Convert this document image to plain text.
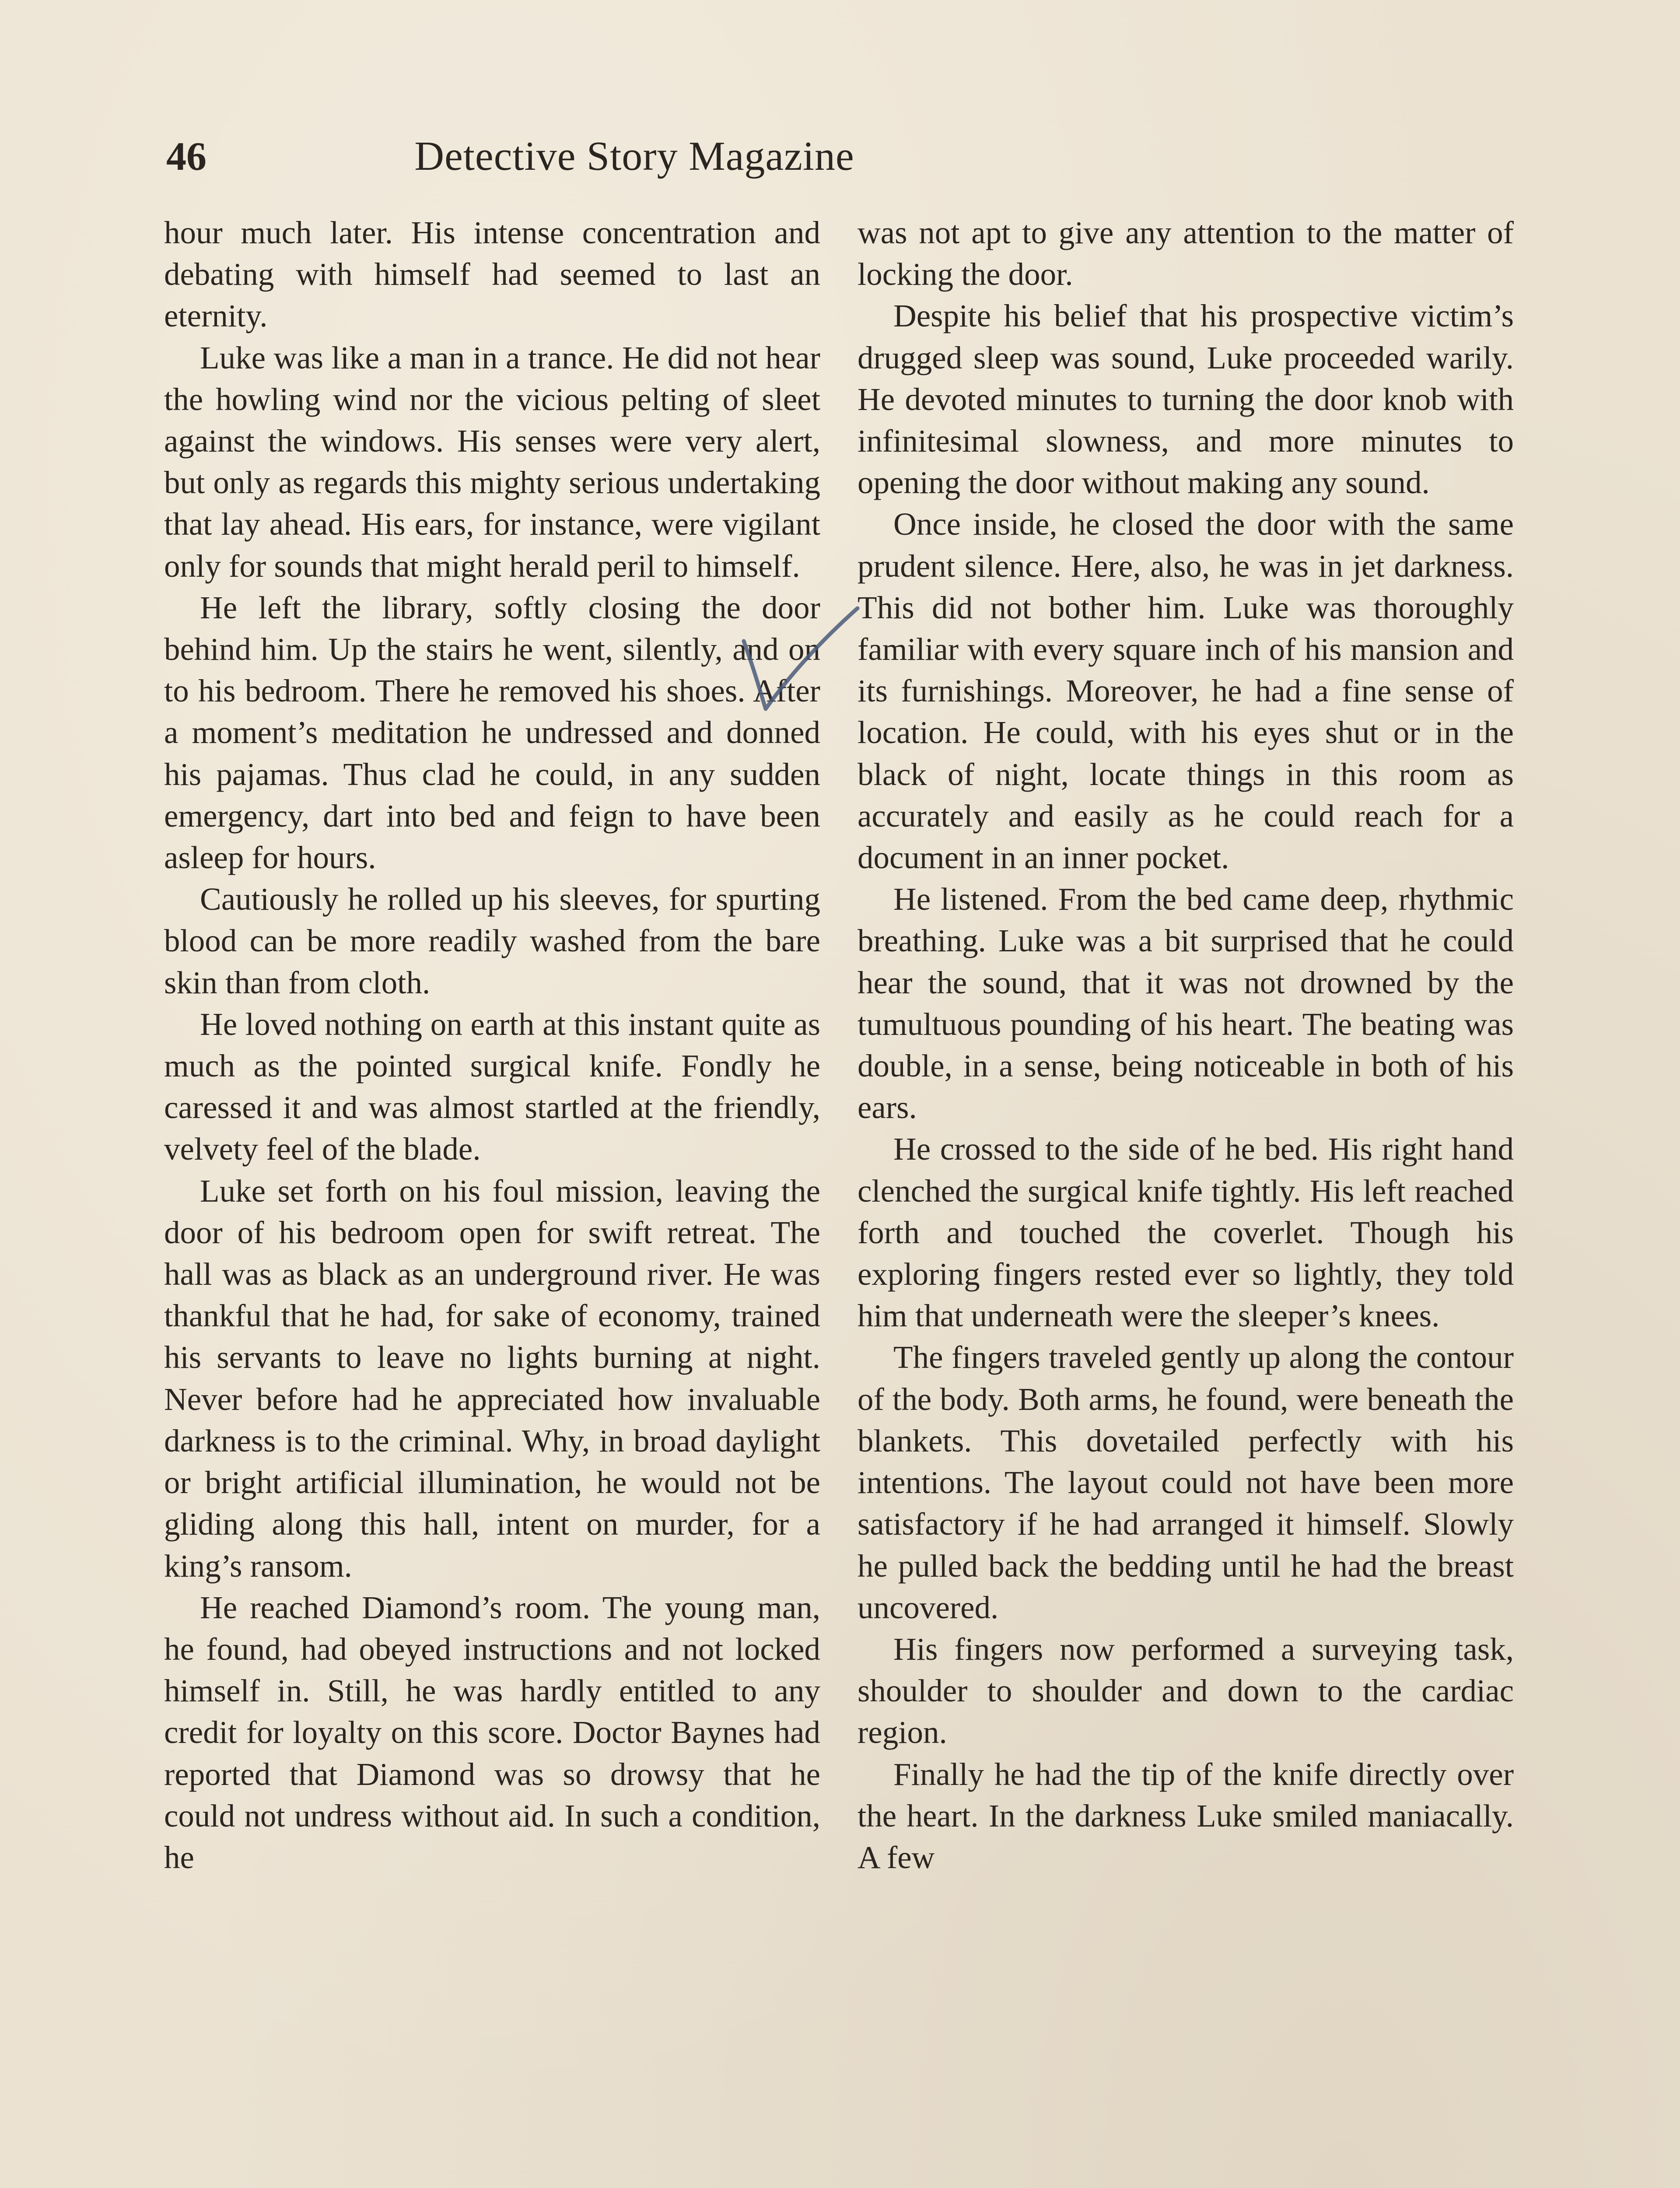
46	Detective Story Magazine

hour much later. His intense concentration and debating with himself had seemed to last an eternity.

Luke was like a man in a trance. He did not hear the howling wind nor the vicious pelting of sleet against the windows. His senses were very alert, but only as regards this mighty serious undertaking that lay ahead. His ears, for instance, were vigilant only for sounds that might herald peril to himself.

He left the library, softly closing the door behind him. Up the stairs he went, silently, and on to his bedroom. There he removed his shoes. After a moment’s meditation he undressed and donned his pajamas. Thus clad he could, in any sudden emergency, dart into bed and feign to have been asleep for hours.

Cautiously he rolled up his sleeves, for spurting blood can be more readily washed from the bare skin than from cloth.

He loved nothing on earth at this instant quite as much as the pointed surgical knife. Fondly he caressed it and was almost startled at the friendly, velvety feel of the blade.

Luke set forth on his foul mission, leaving the door of his bedroom open for swift retreat. The hall was as black as an underground river. He was thankful that he had, for sake of economy, trained his servants to leave no lights burning at night. Never before had he appreciated how invaluable darkness is to the criminal. Why, in broad daylight or bright artificial illumination, he would not be gliding along this hall, intent on murder, for a king’s ransom.

He reached Diamond’s room. The young man, he found, had obeyed instructions and not locked himself in. Still, he was hardly entitled to any credit for loyalty on this score. Doctor Baynes had reported that Diamond was so drowsy that he could not undress without aid. In such a condition, he

was not apt to give any attention to the matter of locking the door.

Despite his belief that his prospective victim’s drugged sleep was sound, Luke proceeded warily. He devoted minutes to turning the door knob with infinitesimal slowness, and more minutes to opening the door without making any sound.

Once inside, he closed the door with the same prudent silence. Here, also, he was in jet darkness. This did not bother him. Luke was thoroughly familiar with every square inch of his mansion and its furnishings. Moreover, he had a fine sense of location. He could, with his eyes shut or in the black of night, locate things in this room as accurately and easily as he could reach for a document in an inner pocket.

He listened. From the bed came deep, rhythmic breathing. Luke was a bit surprised that he could hear the sound, that it was not drowned by the tumultuous pounding of his heart. The beating was double, in a sense, being noticeable in both of his ears.

He crossed to the side of he bed. His right hand clenched the surgical knife tightly. His left reached forth and touched the coverlet. Though his exploring fingers rested ever so lightly, they told him that underneath were the sleeper’s knees.

The fingers traveled gently up along the contour of the body. Both arms, he found, were beneath the blankets. This dovetailed perfectly with his intentions. The layout could not have been more satisfactory if he had arranged it himself. Slowly he pulled back the bedding until he had the breast uncovered.

His fingers now performed a surveying task, shoulder to shoulder and down to the cardiac region.

Finally he had the tip of the knife directly over the heart. In the darkness Luke smiled maniacally. A few
